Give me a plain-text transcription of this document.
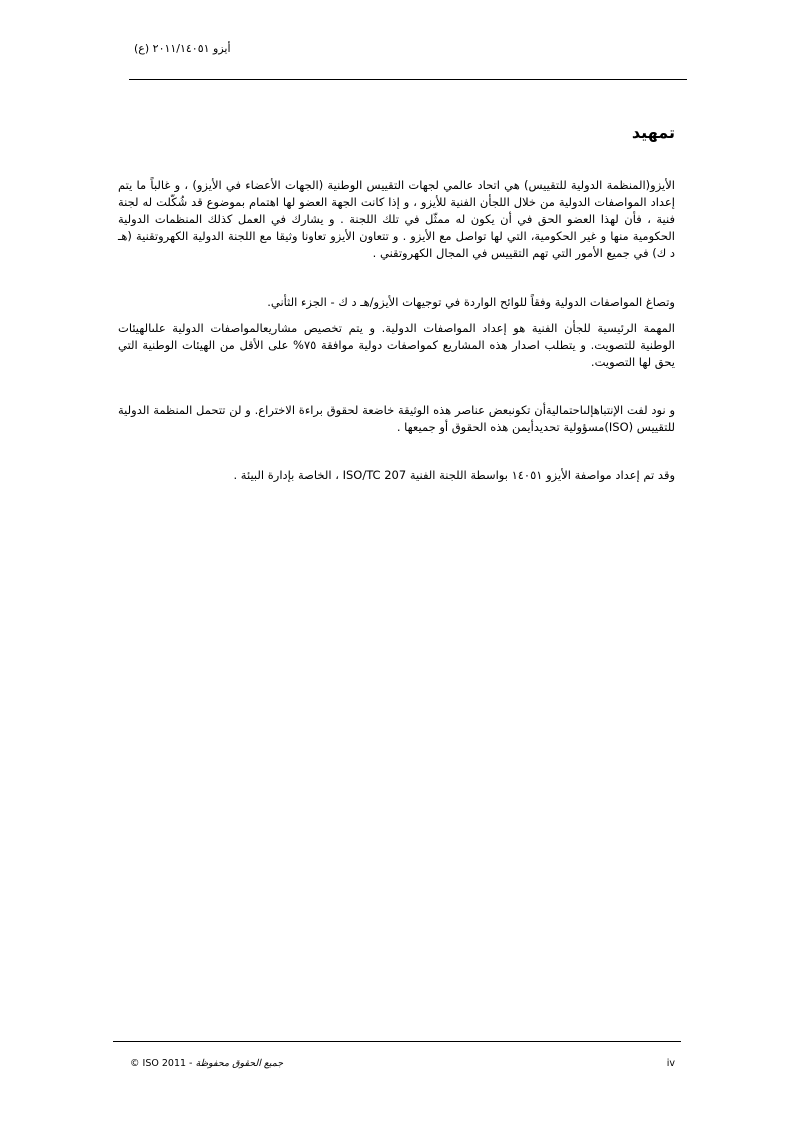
أيزو ٢٠١١/١٤٠٥١ (ع)
تمهيد

الأيزو(المنظمة الدولية للتقييس) هي اتحاد عالمي لجهات التقييس الوطنية (الجهات الأعضاء في الأيزو) ، و غالباً ما يتم إعداد المواصفات الدولية من خلال اللجأن الفنية للأيزو ، و إذا كانت الجهة العضو لها اهتمام بموضوع قد شُكّلت له لجنة فنية ، فأن لهذا العضو الحق في أن يكون له ممثّل في تلك اللجنة . و يشارك في العمل كذلك المنظمات الدولية الحكومية منها و غير الحكومية، التي لها تواصل مع الأيزو . و تتعاون الأيزو تعاونا وثيقا مع اللجنة الدولية الكهروتقنية (هـ د ك) في جميع الأمور التي تهم التقييس في المجال الكهروتقني .

وتصاغ المواصفات الدولية وفقاً للوائح الواردة في توجيهات الأيزو/هـ د ك - الجزء الثأني.

المهمة الرئيسية للجأن الفنية هو إعداد المواصفات الدولية. و يتم تخصيص مشاريعالمواصفات الدولية علىالهيئات الوطنية للتصويت. و يتطلب اصدار هذه المشاريع كمواصفات دولية موافقة ٧٥% على الأقل من الهيئات الوطنية التي يحق لها التصويت.

و نود لفت الإنتباهإلىاحتماليةأن تكونبعض عناصر هذه الوثيقة خاضعة لحقوق براءة الاختراع. و لن تتحمل المنظمة الدولية للتقييس (ISO)مسؤولية تحديدأيمن هذه الحقوق أو جميعها .

وقد تم إعداد مواصفة الأيزو ١٤٠٥١ بواسطة اللجنة الفنية ISO/TC 207 ، الخاصة بإدارة البيئة .

© ISO 2011 - جميع الحقوق محفوظة	iv
